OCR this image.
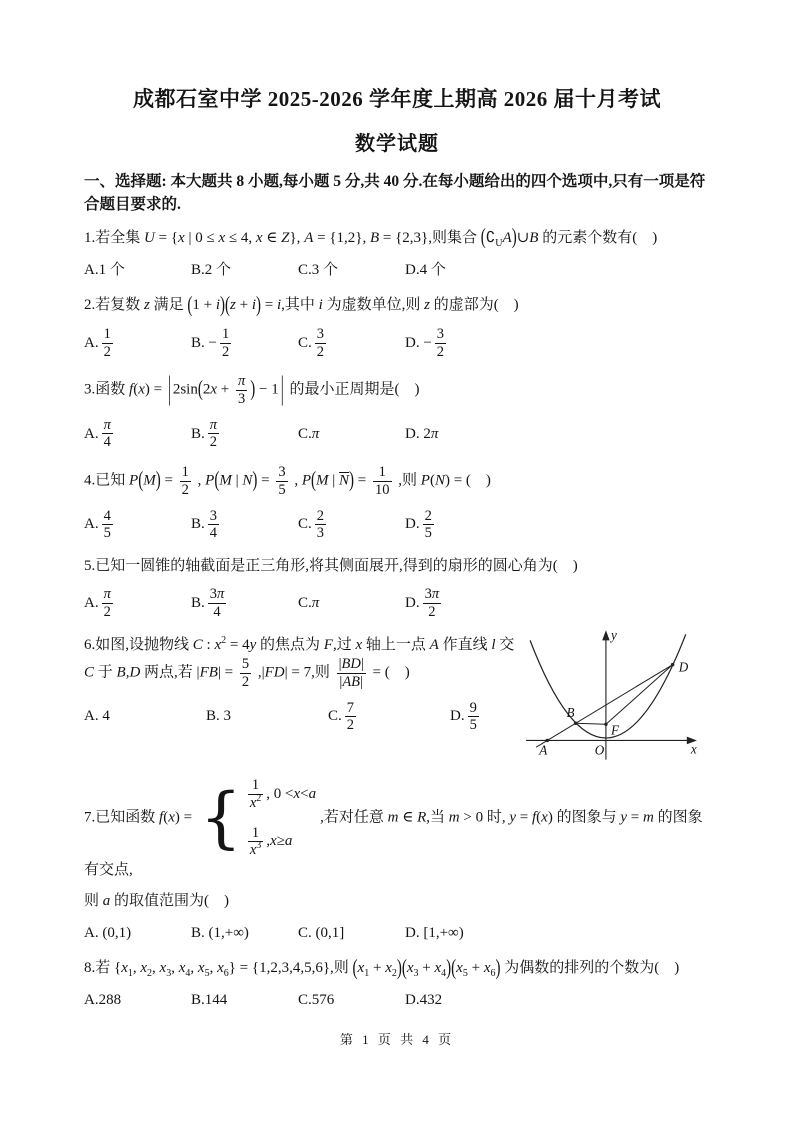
成都石室中学 2025-2026 学年度上期高 2026 届十月考试
数学试题

一、选择题: 本大题共 8 小题,每小题 5 分,共 40 分.在每小题给出的四个选项中,只有一项是符合题目要求的.

1.若全集 U = {x | 0 ≤ x ≤ 4, x ∈ Z}, A = {1,2}, B = {2,3},则集合 $(∁_UA)\cup B$ 的元素个数有(    )

A.1 个	B.2 个	C.3 个	D.4 个

2.若复数 z 满足 (1 + i)(z + i) = i,其中 i 为虚数单位,则 z 的虚部为(    )

A. $\frac{1}{2}$	B. − $\frac{1}{2}$	C. $\frac{3}{2}$	D. − $\frac{3}{2}$

3.函数 f(x) = | $2\sin(2x + \frac{\pi}{3}$ ) − 1 | 的最小正周期是(    )

A. $\frac{\pi}{4}$	B. $\frac{\pi}{2}$	C. π	D. 2 π

4.已知 $P(M) = \frac{1}{2}$ , P(M | $N) = \frac{3}{5}$ , P(M | $\overline{N}) = \frac{1}{10}$ ,则 P(N) = (    )

A. $\frac{4}{5}$	B. $\frac{3}{4}$	C. $\frac{2}{3}$	D. $\frac{2}{5}$

5.已知一圆锥的轴截面是正三角形,将其侧面展开,得到的扇形的圆心角为(    )

A. $\frac{\pi}{2}$	B. $\frac{3\pi}{4}$	C. π	D. $\frac{3\pi}{2}$

6.如图,设抛物线 C : $x^2 = 4y$ 的焦点为 F,过 x 轴上一点 A 作直线 l 交 C 于 B,D 两点,若 $|FB| = \frac{5}{2} ,|FD| = 7$,则 $\frac{|BD|}{|AB|}$ = (    )

A. 4	B. 3	C. $\frac{7}{2}$	D. $\frac{9}{5}$
y
x
O
A
B
F
D

7.已知函数 f(x) = { $\frac{1}{x^2}$ , 0 < x < a
$\frac{1}{x^3}$ , x ≥ a
,若对任意 m ∈ R,当 m > 0 时, y = f(x) 的图象与 y = m 的图象有交点,

则 a 的取值范围为(    )

A. (0,1)	B. (1,+∞)	C. (0,1]	D. [1,+∞)

8.若 {$x_1$, $x_2$, $x_3$, $x_4$, $x_5$, $x_6\} = \{1,2,3,4,5,6\}$,则 $(x_1 + x_2)(x_3 + x_4)(x_5 + x_6)$ 为偶数的排列的个数为(    )

A.288	B.144	C.576	D.432
第 1 页 共 4 页
